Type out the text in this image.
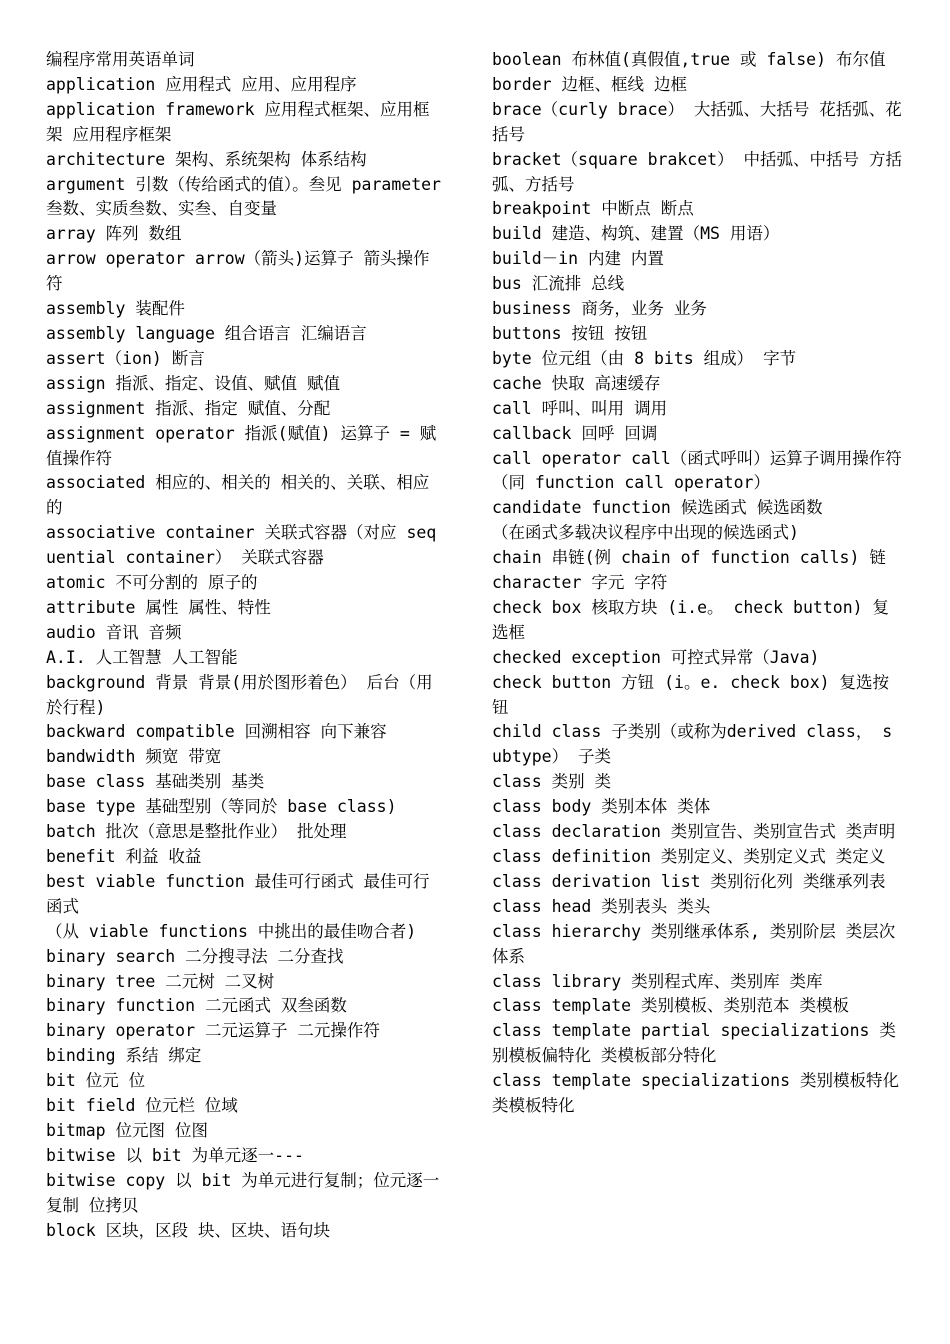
编程序常用英语单词

application 应用程式 应用、应用程序

application framework 应用程式框架、应用框架 应用程序框架

architecture 架构、系统架构 体系结构

argument 引数（传给函式的值）。叁见 parameter 叁数、实质叁数、实叁、自变量

array 阵列 数组

arrow operator arrow（箭头)运算子 箭头操作符

assembly 装配件

assembly language 组合语言 汇编语言

assert（ion) 断言

assign 指派、指定、设值、赋值 赋值

assignment 指派、指定 赋值、分配

assignment operator 指派(赋值) 运算子 = 赋值操作符

associated 相应的、相关的 相关的、关联、相应的

associative container 关联式容器（对应 sequential container） 关联式容器

atomic 不可分割的 原子的

attribute 属性 属性、特性

audio 音讯 音频

A.I. 人工智慧 人工智能

background 背景 背景(用於图形着色） 后台（用於行程)

backward compatible 回溯相容 向下兼容

bandwidth 频宽 带宽

base class 基础类别 基类

base type 基础型别（等同於 base class)

batch 批次（意思是整批作业） 批处理

benefit 利益 收益

best viable function 最佳可行函式 最佳可行函式

（从 viable functions 中挑出的最佳吻合者)

binary search 二分搜寻法 二分查找

binary tree 二元树 二叉树

binary function 二元函式 双叁函数

binary operator 二元运算子 二元操作符

binding 系结 绑定

bit 位元 位

bit field 位元栏 位域

bitmap 位元图 位图

bitwise 以 bit 为单元逐一---

bitwise copy 以 bit 为单元进行复制；位元逐一复制 位拷贝

block 区块，区段 块、区块、语句块

boolean 布林值(真假值,true 或 false) 布尔值

border 边框、框线 边框

brace（curly brace） 大括弧、大括号 花括弧、花括号

bracket（square brakcet） 中括弧、中括号 方括弧、方括号

breakpoint 中断点 断点

build 建造、构筑、建置（MS 用语）

build－in 内建 内置

bus 汇流排 总线

business 商务，业务 业务

buttons 按钮 按钮

byte 位元组（由 8 bits 组成） 字节

cache 快取 高速缓存

call 呼叫、叫用 调用

callback 回呼 回调

call operator call（函式呼叫）运算子调用操作符

（同 function call operator）

candidate function 候选函式 候选函数

（在函式多载决议程序中出现的候选函式)

chain 串链(例 chain of function calls) 链

character 字元 字符

check box 核取方块 (i.e。 check button) 复选框

checked exception 可控式异常（Java)

check button 方钮 (i。e. check box) 复选按钮

child class 子类别（或称为derived class， subtype） 子类

class 类别 类

class body 类别本体 类体

class declaration 类别宣告、类别宣告式 类声明

class definition 类别定义、类别定义式 类定义

class derivation list 类别衍化列 类继承列表

class head 类别表头 类头

class hierarchy 类别继承体系, 类别阶层 类层次体系

class library 类别程式库、类别库 类库

class template 类别模板、类别范本 类模板

class template partial specializations 类别模板偏特化 类模板部分特化

class template specializations 类别模板特化 类模板特化
